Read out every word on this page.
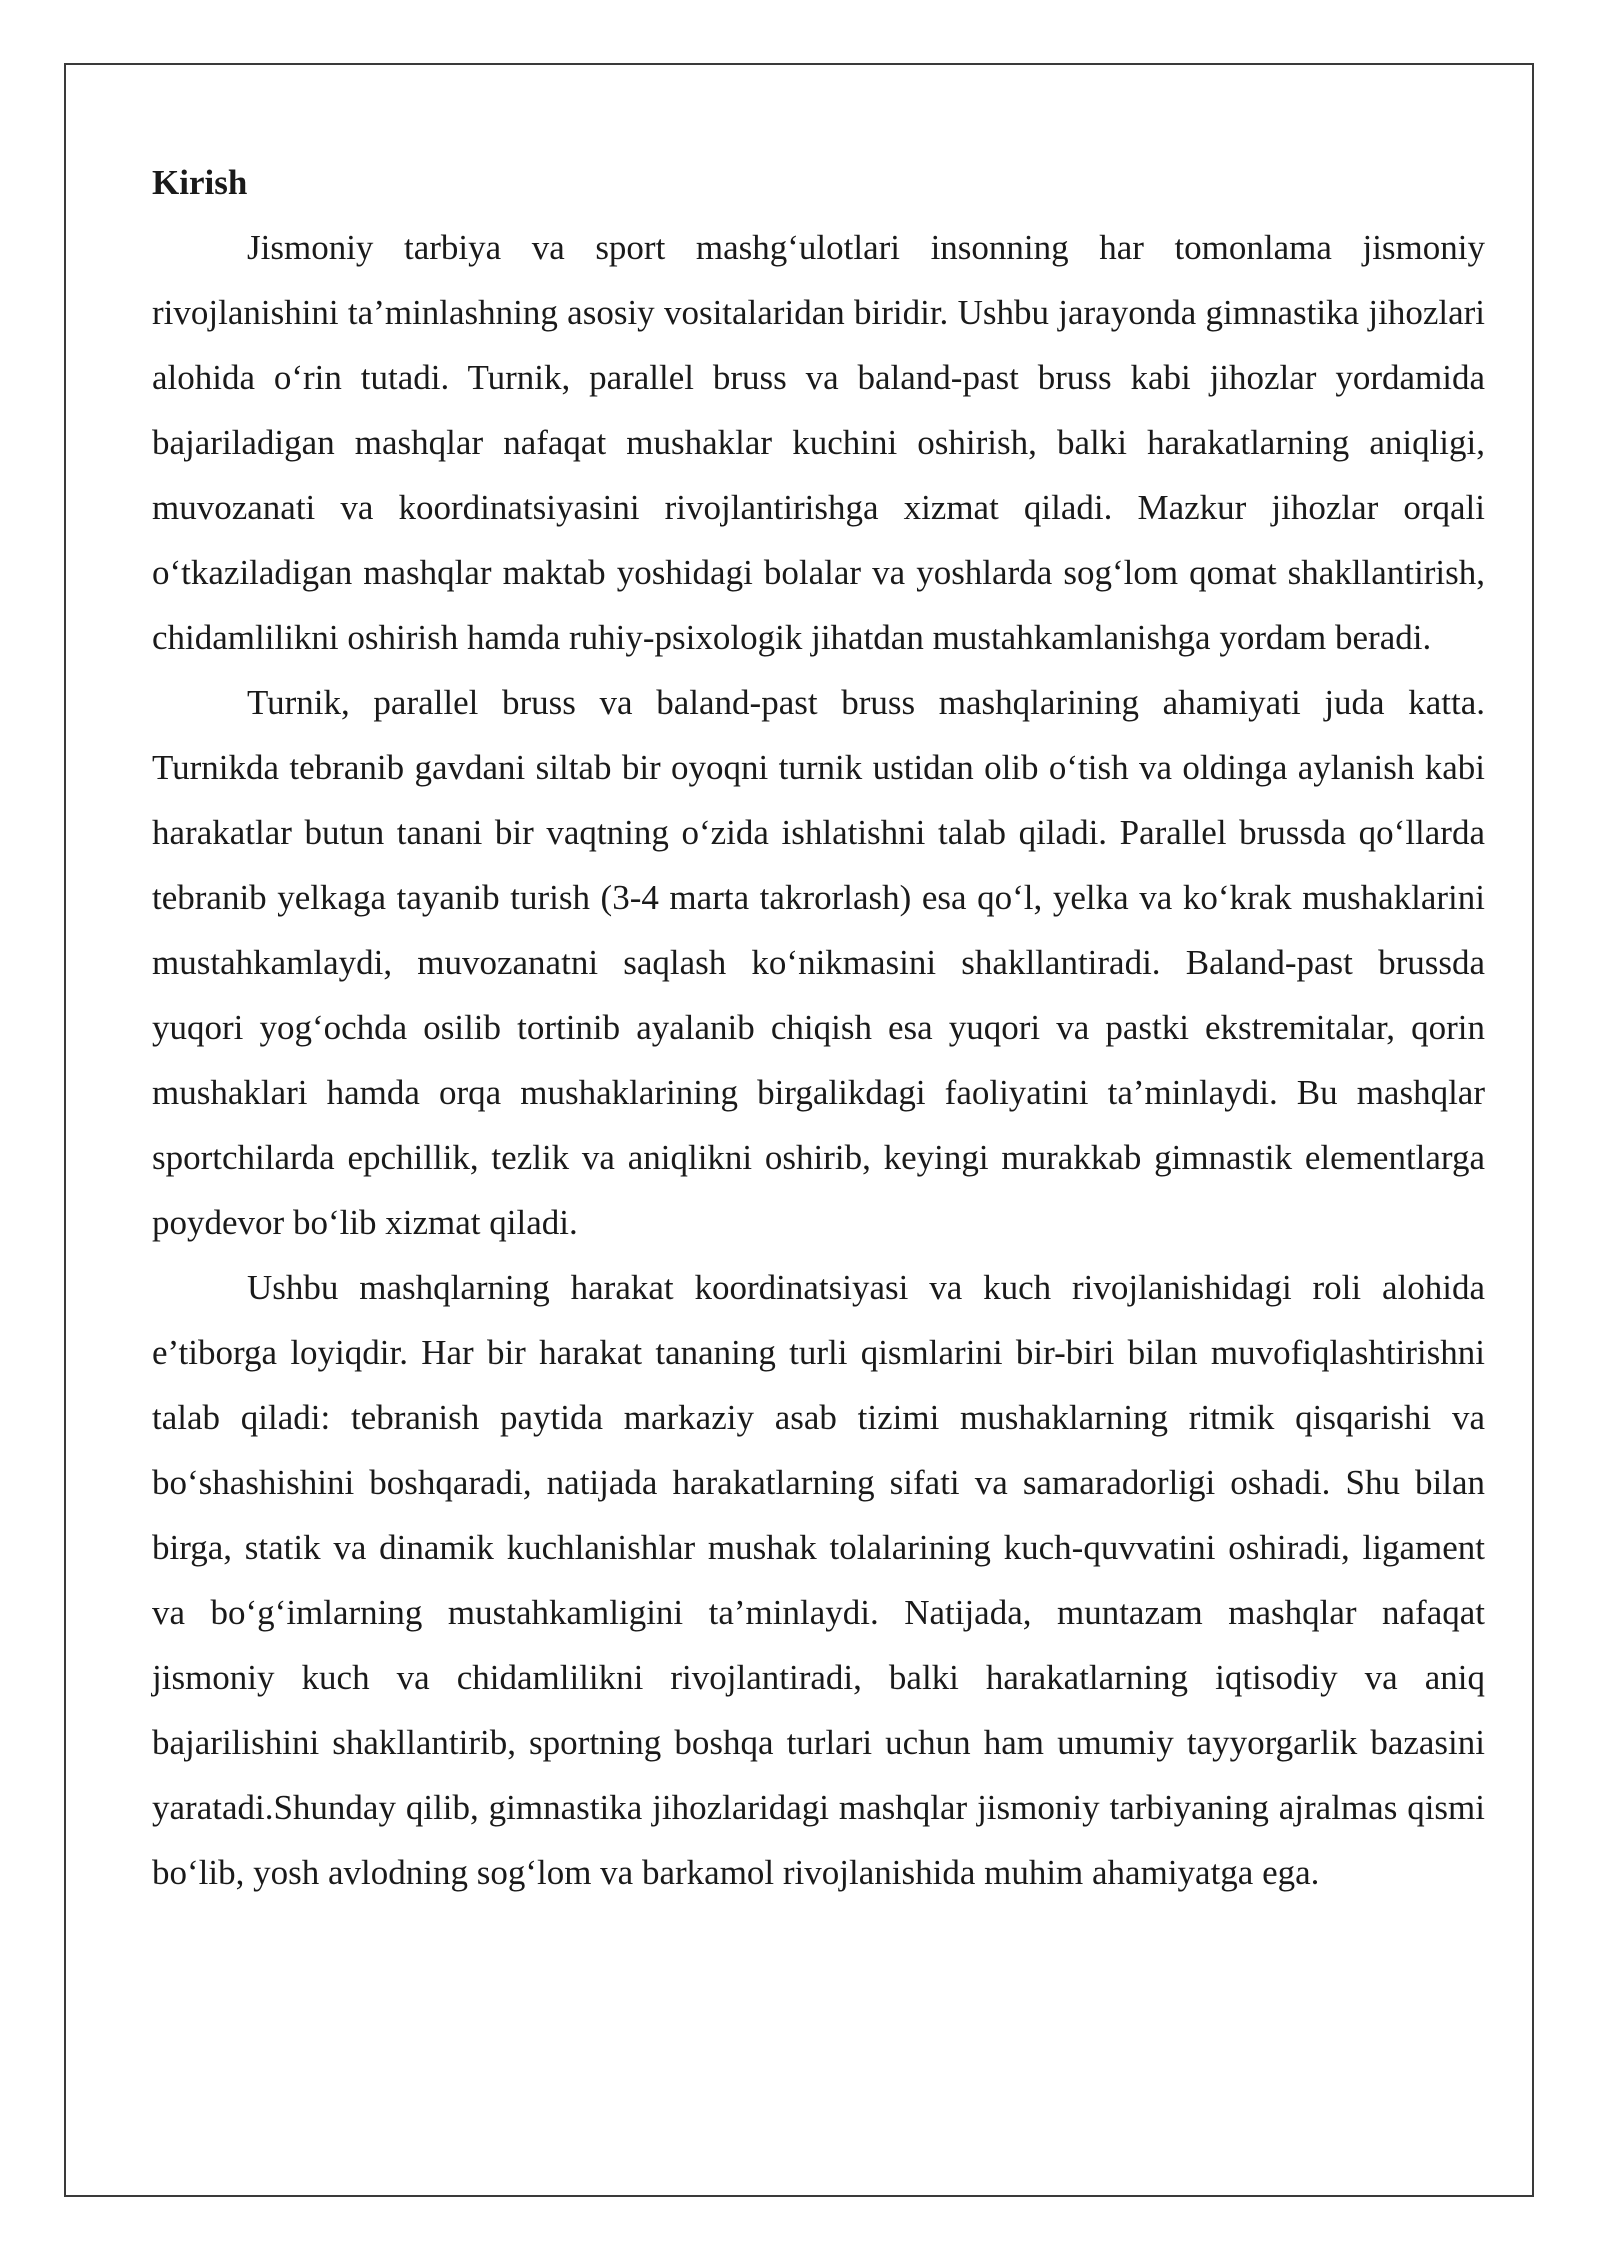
Kirish

Jismoniy tarbiya va sport mashg‘ulotlari insonning har tomonlama jismoniy rivojlanishini ta’minlashning asosiy vositalaridan biridir. Ushbu jarayonda gimnastika jihozlari alohida o‘rin tutadi. Turnik, parallel bruss va baland-past bruss kabi jihozlar yordamida bajariladigan mashqlar nafaqat mushaklar kuchini oshirish, balki harakatlarning aniqligi, muvozanati va koordinatsiyasini rivojlantirishga xizmat qiladi. Mazkur jihozlar orqali o‘tkaziladigan mashqlar maktab yoshidagi bolalar va yoshlarda sog‘lom qomat shakllantirish, chidamlilikni oshirish hamda ruhiy-psixologik jihatdan mustahkamlanishga yordam beradi.

Turnik, parallel bruss va baland-past bruss mashqlarining ahamiyati juda katta. Turnikda tebranib gavdani siltab bir oyoqni turnik ustidan olib o‘tish va oldinga aylanish kabi harakatlar butun tanani bir vaqtning o‘zida ishlatishni talab qiladi. Parallel brussda qo‘llarda tebranib yelkaga tayanib turish (3-4 marta takrorlash) esa qo‘l, yelka va ko‘krak mushaklarini mustahkamlaydi, muvozanatni saqlash ko‘nikmasini shakllantiradi. Baland-past brussda yuqori yog‘ochda osilib tortinib ayalanib chiqish esa yuqori va pastki ekstremitalar, qorin mushaklari hamda orqa mushaklarining birgalikdagi faoliyatini ta’minlaydi. Bu mashqlar sportchilarda epchillik, tezlik va aniqlikni oshirib, keyingi murakkab gimnastik elementlarga poydevor bo‘lib xizmat qiladi.

Ushbu mashqlarning harakat koordinatsiyasi va kuch rivojlanishidagi roli alohida e’tiborga loyiqdir. Har bir harakat tananing turli qismlarini bir-biri bilan muvofiqlashtirishni talab qiladi: tebranish paytida markaziy asab tizimi mushaklarning ritmik qisqarishi va bo‘shashishini boshqaradi, natijada harakatlarning sifati va samaradorligi oshadi. Shu bilan birga, statik va dinamik kuchlanishlar mushak tolalarining kuch-quvvatini oshiradi, ligament va bo‘g‘imlarning mustahkamligini ta’minlaydi. Natijada, muntazam mashqlar nafaqat jismoniy kuch va chidamlilikni rivojlantiradi, balki harakatlarning iqtisodiy va aniq bajarilishini shakllantirib, sportning boshqa turlari uchun ham umumiy tayyorgarlik bazasini yaratadi.Shunday qilib, gimnastika jihozlaridagi mashqlar jismoniy tarbiyaning ajralmas qismi bo‘lib, yosh avlodning sog‘lom va barkamol rivojlanishida muhim ahamiyatga ega.
